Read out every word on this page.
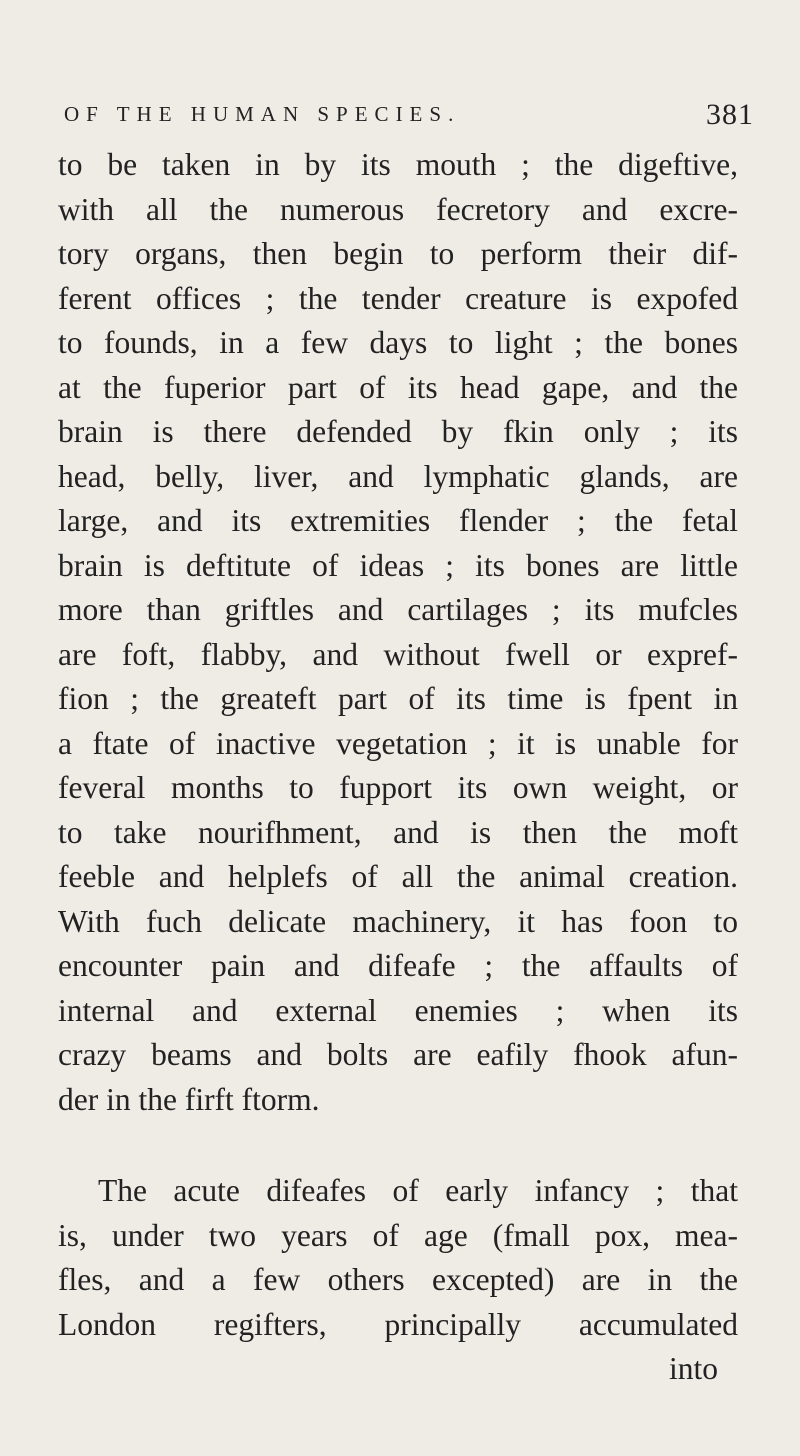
OF THE HUMAN SPECIES.	381
to be taken in by its mouth ; the digeftive,
with all the numerous fecretory and excre-
tory organs, then begin to perform their dif-
ferent offices ; the tender creature is expofed
to founds, in a few days to light ; the bones
at the fuperior part of its head gape, and the
brain is there defended by fkin only ; its
head, belly, liver, and lymphatic glands, are
large, and its extremities flender ; the fetal
brain is deftitute of ideas ; its bones are little
more than griftles and cartilages ; its mufcles
are foft, flabby, and without fwell or expref-
fion ; the greateft part of its time is fpent in
a ftate of inactive vegetation ; it is unable for
feveral months to fupport its own weight, or
to take nourifhment, and is then the moft
feeble and helplefs of all the animal creation.
With fuch delicate machinery, it has foon to
encounter pain and difeafe ; the affaults of
internal and external enemies ; when its
crazy beams and bolts are eafily fhook afun-
der in the firft ftorm.
The acute difeafes of early infancy ; that
is, under two years of age (fmall pox, mea-
fles, and a few others excepted) are in the
London regifters, principally accumulated
into
